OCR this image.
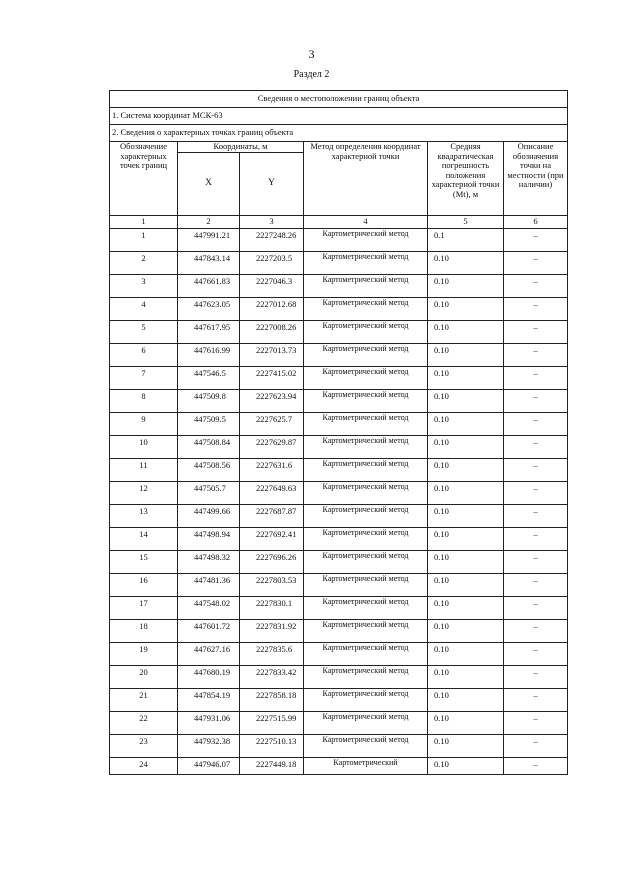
3
Раздел 2
Сведения о местоположении границ объекта					
1. Система координат МСК-63					
2. Сведения о характерных точках границ объекта					
Обозначение характерных точек границ	Координаты, м		Метод определения координат характерной точки	Средняя квадратическая погрешность положения характерной точки (Mt), м	Описание обозначения точки на местности (при наличии)
	X	Y			
1	2	3	4	5	6
1	447991.21	2227248.26	Картометрический метод	0.1	–
2	447843.14	2227203.5	Картометрический метод	0.10	–
3	447661.83	2227046.3	Картометрический метод	0.10	–
4	447623.05	2227012.68	Картометрический метод	0.10	–
5	447617.95	2227008.26	Картометрический метод	0.10	–
6	447616.99	2227013.73	Картометрический метод	0.10	–
7	447546.5	2227415.02	Картометрический метод	0.10	–
8	447509.8	2227623.94	Картометрический метод	0.10	–
9	447509.5	2227625.7	Картометрический метод	0.10	–
10	447508.84	2227629.87	Картометрический метод	0.10	–
11	447508.56	2227631.6	Картометрический метод	0.10	–
12	447505.7	2227649.63	Картометрический метод	0.10	–
13	447499.66	2227687.87	Картометрический метод	0.10	–
14	447498.94	2227692.41	Картометрический метод	0.10	–
15	447498.32	2227696.26	Картометрический метод	0.10	–
16	447481.36	2227803.53	Картометрический метод	0.10	–
17	447548.02	2227830.1	Картометрический метод	0.10	–
18	447601.72	2227831.92	Картометрический метод	0.10	–
19	447627.16	2227835.6	Картометрический метод	0.10	–
20	447680.19	2227833.42	Картометрический метод	0.10	–
21	447854.19	2227858.18	Картометрический метод	0.10	–
22	447931.06	2227515.99	Картометрический метод	0.10	–
23	447932.38	2227510.13	Картометрический метод	0.10	–
24	447946.07	2227449.18	Картометрический	0.10	–
